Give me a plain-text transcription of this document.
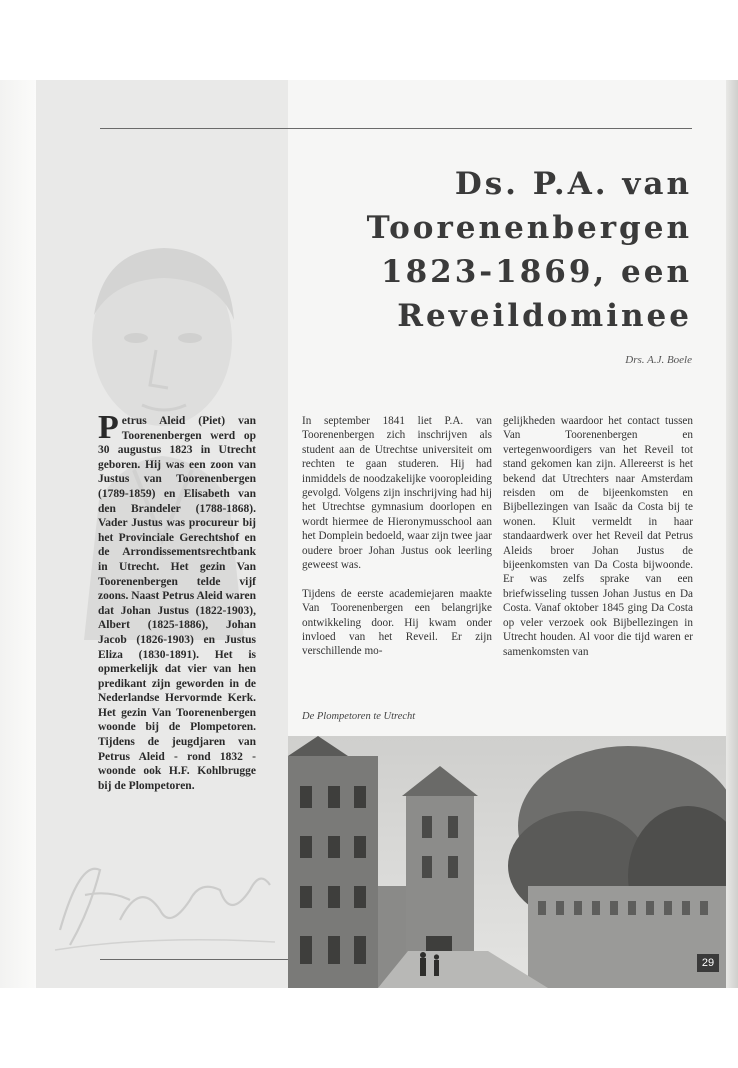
Ds. P.A. van
Toorenenbergen
1823-1869, een
Reveildominee
Drs. A.J. Boele
Petrus Aleid (Piet) van Toorenenbergen werd op 30 augustus 1823 in Utrecht geboren. Hij was een zoon van Justus van Toorenenbergen (1789-1859) en Elisabeth van den Brandeler (1788-1868). Vader Justus was procureur bij het Provinciale Gerechtshof en de Arrondissementsrechtbank in Utrecht. Het gezin Van Toorenenbergen telde vijf zoons. Naast Petrus Aleid waren dat Johan Justus (1822-1903), Albert (1825-1886), Johan Jacob (1826-1903) en Justus Eliza (1830-1891). Het is opmerkelijk dat vier van hen predikant zijn geworden in de Nederlandse Hervormde Kerk. Het gezin Van Toorenenbergen woonde bij de Plompetoren. Tijdens de jeugdjaren van Petrus Aleid - rond 1832 - woonde ook H.F. Kohlbrugge bij de Plompetoren.

In september 1841 liet P.A. van Toorenenbergen zich inschrijven als student aan de Utrechtse universiteit om rechten te gaan studeren. Hij had inmiddels de noodzakelijke vooropleiding gevolgd. Volgens zijn inschrijving had hij het Utrechtse gymnasium doorlopen en wordt hiermee de Hieronymusschool aan het Domplein bedoeld, waar zijn twee jaar oudere broer Johan Justus ook leerling geweest was.

Tijdens de eerste academiejaren maakte Van Toorenenbergen een belangrijke ontwikkeling door. Hij kwam onder invloed van het Reveil. Er zijn verschillende mo-

gelijkheden waardoor het contact tussen Van Toorenenbergen en vertegenwoordigers van het Reveil tot stand gekomen kan zijn. Allereerst is het bekend dat Utrechters naar Amsterdam reisden om de bijeenkomsten en Bijbellezingen van Isaäc da Costa bij te wonen. Kluit vermeldt in haar standaardwerk over het Reveil dat Petrus Aleids broer Johan Justus de bijeenkomsten van Da Costa bijwoonde. Er was zelfs sprake van een briefwisseling tussen Johan Justus en Da Costa. Vanaf oktober 1845 ging Da Costa op veler verzoek ook Bijbellezingen in Utrecht houden. Al voor die tijd waren er samenkomsten van

De Plompetoren te Utrecht
29
